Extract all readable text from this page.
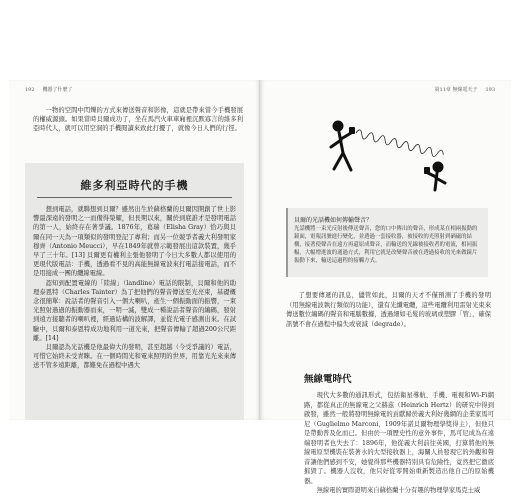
192 機器了什麼了

一物的空間中閃爍的方式來傳送聲音和影像，這就是帶來當今手機發展的權威源頭。如果當時貝爾成功了，坐在馬汽火車車廂裡沉默寡言的維多利亞時代人，就可以用空洞的手機閱讀來致此打擾了，就像今日人們的行徑。

維多利亞時代的手機

想到電話，就聯想到貝爾？雖然出生於蘇格蘭的貝爾因開創了世上影響最深遠的發明之一而備得榮耀，但長期以來，關於到底誰才是發明電話的第一人，始終存在著爭議。1876年，葛瑞（Elisha Gray）恰巧與貝爾在同一天為一項類似的發明登記了專利；而另一位競爭者義大利發明家穆齊（Antonio Meucci），早在1849年就曾示範發展出這款裝置，幾乎早了三十年。[13] 貝爾更有權利主張他發明了今日大多數人都以使用的更現代版電話：手機，透過看不見的高能無線電波來打電話接電話，而不是用接成一團的纜線電線。

認知到配置電線的「陸線」（landline）電話的限制，貝爾和他的助理泰恩特（Charles Tainter）為了把他們的聲音傳送至光亮束，基礎概念很簡單：說話者的聲音引入一個大喇叭，產生一個振動面的振響，一束光照射過過的振動器而來，一明一滅，雙成一種說話者聲音的編碼，發射到遠方接聽者的喇叭裡，經過結構的波解譯，並從光電子感測出來。在試驗中，貝爾和泰恩特成功地利用一道光來，把聲音傳輸了超過200公尺距離。[14]

貝爾認為光話機是他最偉大的發明，甚至超越（今受爭議的）電話，可惜它始終未受青睞。在一個時間光和電來照明的世界，用靠光光來來傳送不管多遠距離，都難免在過程中遇大

第11章 無線電天子 193
貝爾的光話機如何傳輸聲音？
光話機將一束光反射後傳送聲音，您的口中傳出的聲音，形成某在相兩振動的鏡面，電報訊號進行變化，並透過一套接收器，被接收的光照射到硒磁的結構，接著使聲音在遠方再還原成聲音，而輸送的光線被接收者的電流，相同振幅，大幅增進波的通過方式，利用它就是改變聲音被在透過接收的光來做鏡片振動下來，輸送這過程的接觸方式。

了想要傳遞的訊息，儘管如此，貝爾的天才不僅預測了手機的發明（用無線電波執行類似的功能），還有光纖電纜，這些電纜利用雷射光束來傳送數位編碼的聲音和電腦數據，透過細如毛髮的玻璃或塑膠「管」，確保訊號不會在過程中偏失或衰減（degrade）。

無線電時代

現代大多數的通訊形式，包括衛星導航、手機、電視和Wi-Fi網路，都從真正的無線電之父赫茲（Heinrich Hertz）的研究中得到啟發，雖然一般將發明無線電的貢獻歸於義大利好幾網的企業家馬可尼（Guglielmo Marconi，1909年諾貝爾物理學獎得主），但他只是帶動普及化而已。但由於一項歷史性的意外事件，馬可尼成為在遠端發明者也失去了：1896年，他從義大利前往英國，打算將他的無線電原型機裝在裝著水的大型接收器上，海關人員發現它的外觀和聲音讓他們感到不安，她覺得那些機器特別具有危險性，竟然把它徹底摧毀了。機器人沒收，他只好從零開始重新製造出他自己的原始機器。

無線電的實際證明來自蘇格蘭十分有趣的物理學家馬克士威
